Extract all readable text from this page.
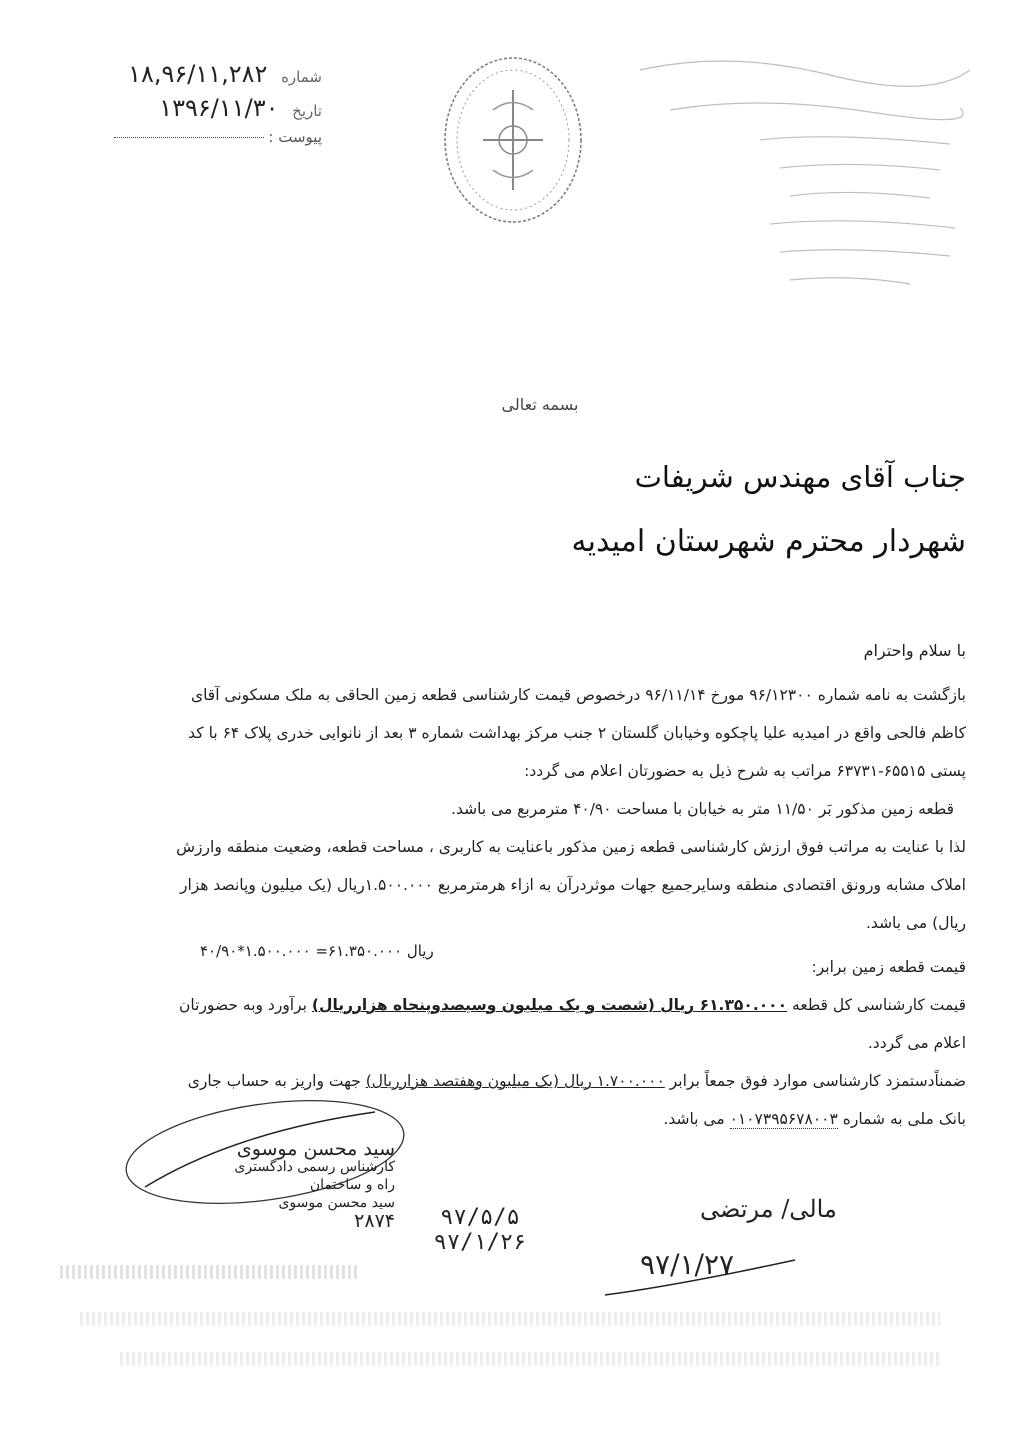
شماره ۱۸,۹۶/۱۱,۲۸۲
تاریخ ۱۳۹۶/۱۱/۳۰
پیوست :
بسمه تعالی
جناب آقای مهندس شریفات
شهردار محترم شهرستان امیدیه
با سلام واحترام
بازگشت به نامه شماره ۹۶/۱۲۳۰۰ مورخ ۹۶/۱۱/۱۴ درخصوص قیمت کارشناسی قطعه زمین الحاقی به ملک مسکونی آقای کاظم فالحی واقع در امیدیه علیا پاچکوه وخیابان گلستان ۲ جنب مرکز بهداشت شماره ۳ بعد از نانوایی خدری پلاک ۶۴ با کد پستی ۶۵۵۱۵-۶۳۷۳۱ مراتب به شرح ذیل به حضورتان اعلام می گردد:
قطعه زمین مذکور بَر ۱۱/۵۰ متر به خیابان با مساحت ۴۰/۹۰ مترمربع می باشد.
لذا با عنایت به مراتب فوق ارزش کارشناسی قطعه زمین مذکور باعنایت به کاربری ، مساحت قطعه، وضعیت منطقه وارزش املاک مشابه ورونق اقتصادی منطقه وسایرجمیع جهات موثردرآن به ازاء هرمترمربع ۱.۵۰۰.۰۰۰ریال (یک میلیون وپانصد هزار ریال) می باشد.
قیمت قطعه زمین برابر:
قیمت کارشناسی کل قطعه ۶۱.۳۵۰.۰۰۰ ریال (شصت و یک میلیون وسیصدوپنجاه هزارریال) برآورد وبه حضورتان اعلام می گردد.
ضمناًدستمزد کارشناسی موارد فوق جمعاً برابر ۱.۷۰۰.۰۰۰ ریال (یک میلیون وهفتصد هزارریال) جهت واریز به حساب جاری بانک ملی به شماره ۰۱۰۷۳۹۵۶۷۸۰۰۳ می باشد.
۴۰/۹۰*۱.۵۰۰.۰۰۰ =۶۱.۳۵۰.۰۰۰ ریال
سید محسن موسوی
کارشناس رسمی دادگستری
راه و ساختمان
سید محسن موسوی
۲۸۷۴	۹۷/۵/۵
۹۷/۱/۲۶
مالی/ مرتضی
۹۷/۱/۲۷
